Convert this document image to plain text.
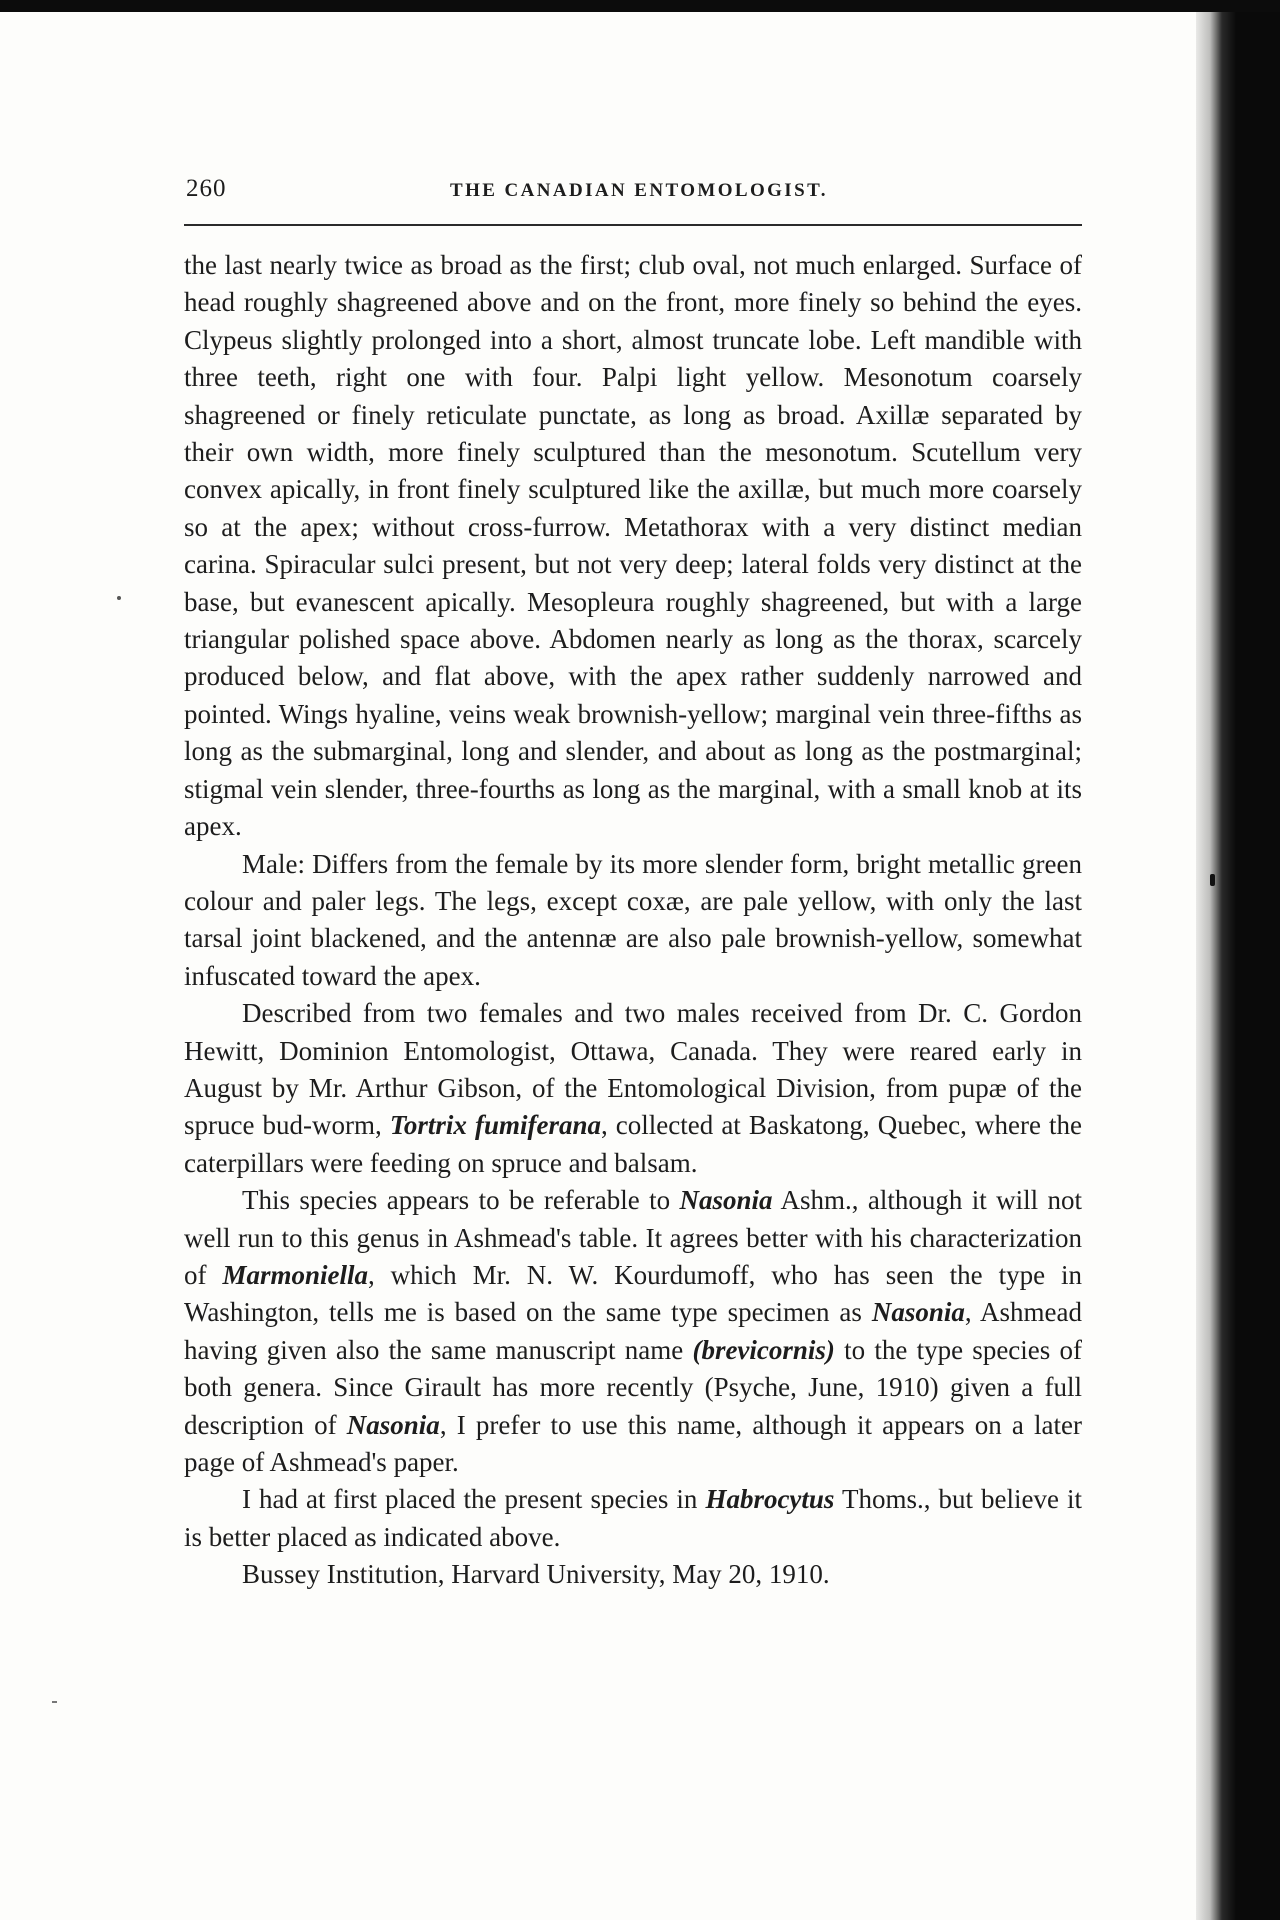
260	THE CANADIAN ENTOMOLOGIST.

the last nearly twice as broad as the first; club oval, not much enlarged. Surface of head roughly shagreened above and on the front, more finely so behind the eyes. Clypeus slightly prolonged into a short, almost truncate lobe. Left mandible with three teeth, right one with four. Palpi light yellow. Mesonotum coarsely shagreened or finely reticulate punctate, as long as broad. Axillæ separated by their own width, more finely sculptured than the mesonotum. Scutellum very convex apically, in front finely sculptured like the axillæ, but much more coarsely so at the apex; without cross-furrow. Metathorax with a very distinct median carina. Spiracular sulci present, but not very deep; lateral folds very distinct at the base, but evanescent apically. Mesopleura roughly shagreened, but with a large triangular polished space above. Abdomen nearly as long as the thorax, scarcely produced below, and flat above, with the apex rather suddenly narrowed and pointed. Wings hyaline, veins weak brownish-yellow; marginal vein three-fifths as long as the submarginal, long and slender, and about as long as the postmarginal; stigmal vein slender, three-fourths as long as the marginal, with a small knob at its apex.

Male: Differs from the female by its more slender form, bright metallic green colour and paler legs. The legs, except coxæ, are pale yellow, with only the last tarsal joint blackened, and the antennæ are also pale brownish-yellow, somewhat infuscated toward the apex.

Described from two females and two males received from Dr. C. Gordon Hewitt, Dominion Entomologist, Ottawa, Canada. They were reared early in August by Mr. Arthur Gibson, of the Entomological Division, from pupæ of the spruce bud-worm, Tortrix fumiferana, collected at Baskatong, Quebec, where the caterpillars were feeding on spruce and balsam.

This species appears to be referable to Nasonia Ashm., although it will not well run to this genus in Ashmead's table. It agrees better with his characterization of Marmoniella, which Mr. N. W. Kourdumoff, who has seen the type in Washington, tells me is based on the same type specimen as Nasonia, Ashmead having given also the same manuscript name (brevicornis) to the type species of both genera. Since Girault has more recently (Psyche, June, 1910) given a full description of Nasonia, I prefer to use this name, although it appears on a later page of Ashmead's paper.

I had at first placed the present species in Habrocytus Thoms., but believe it is better placed as indicated above.

Bussey Institution, Harvard University, May 20, 1910.
